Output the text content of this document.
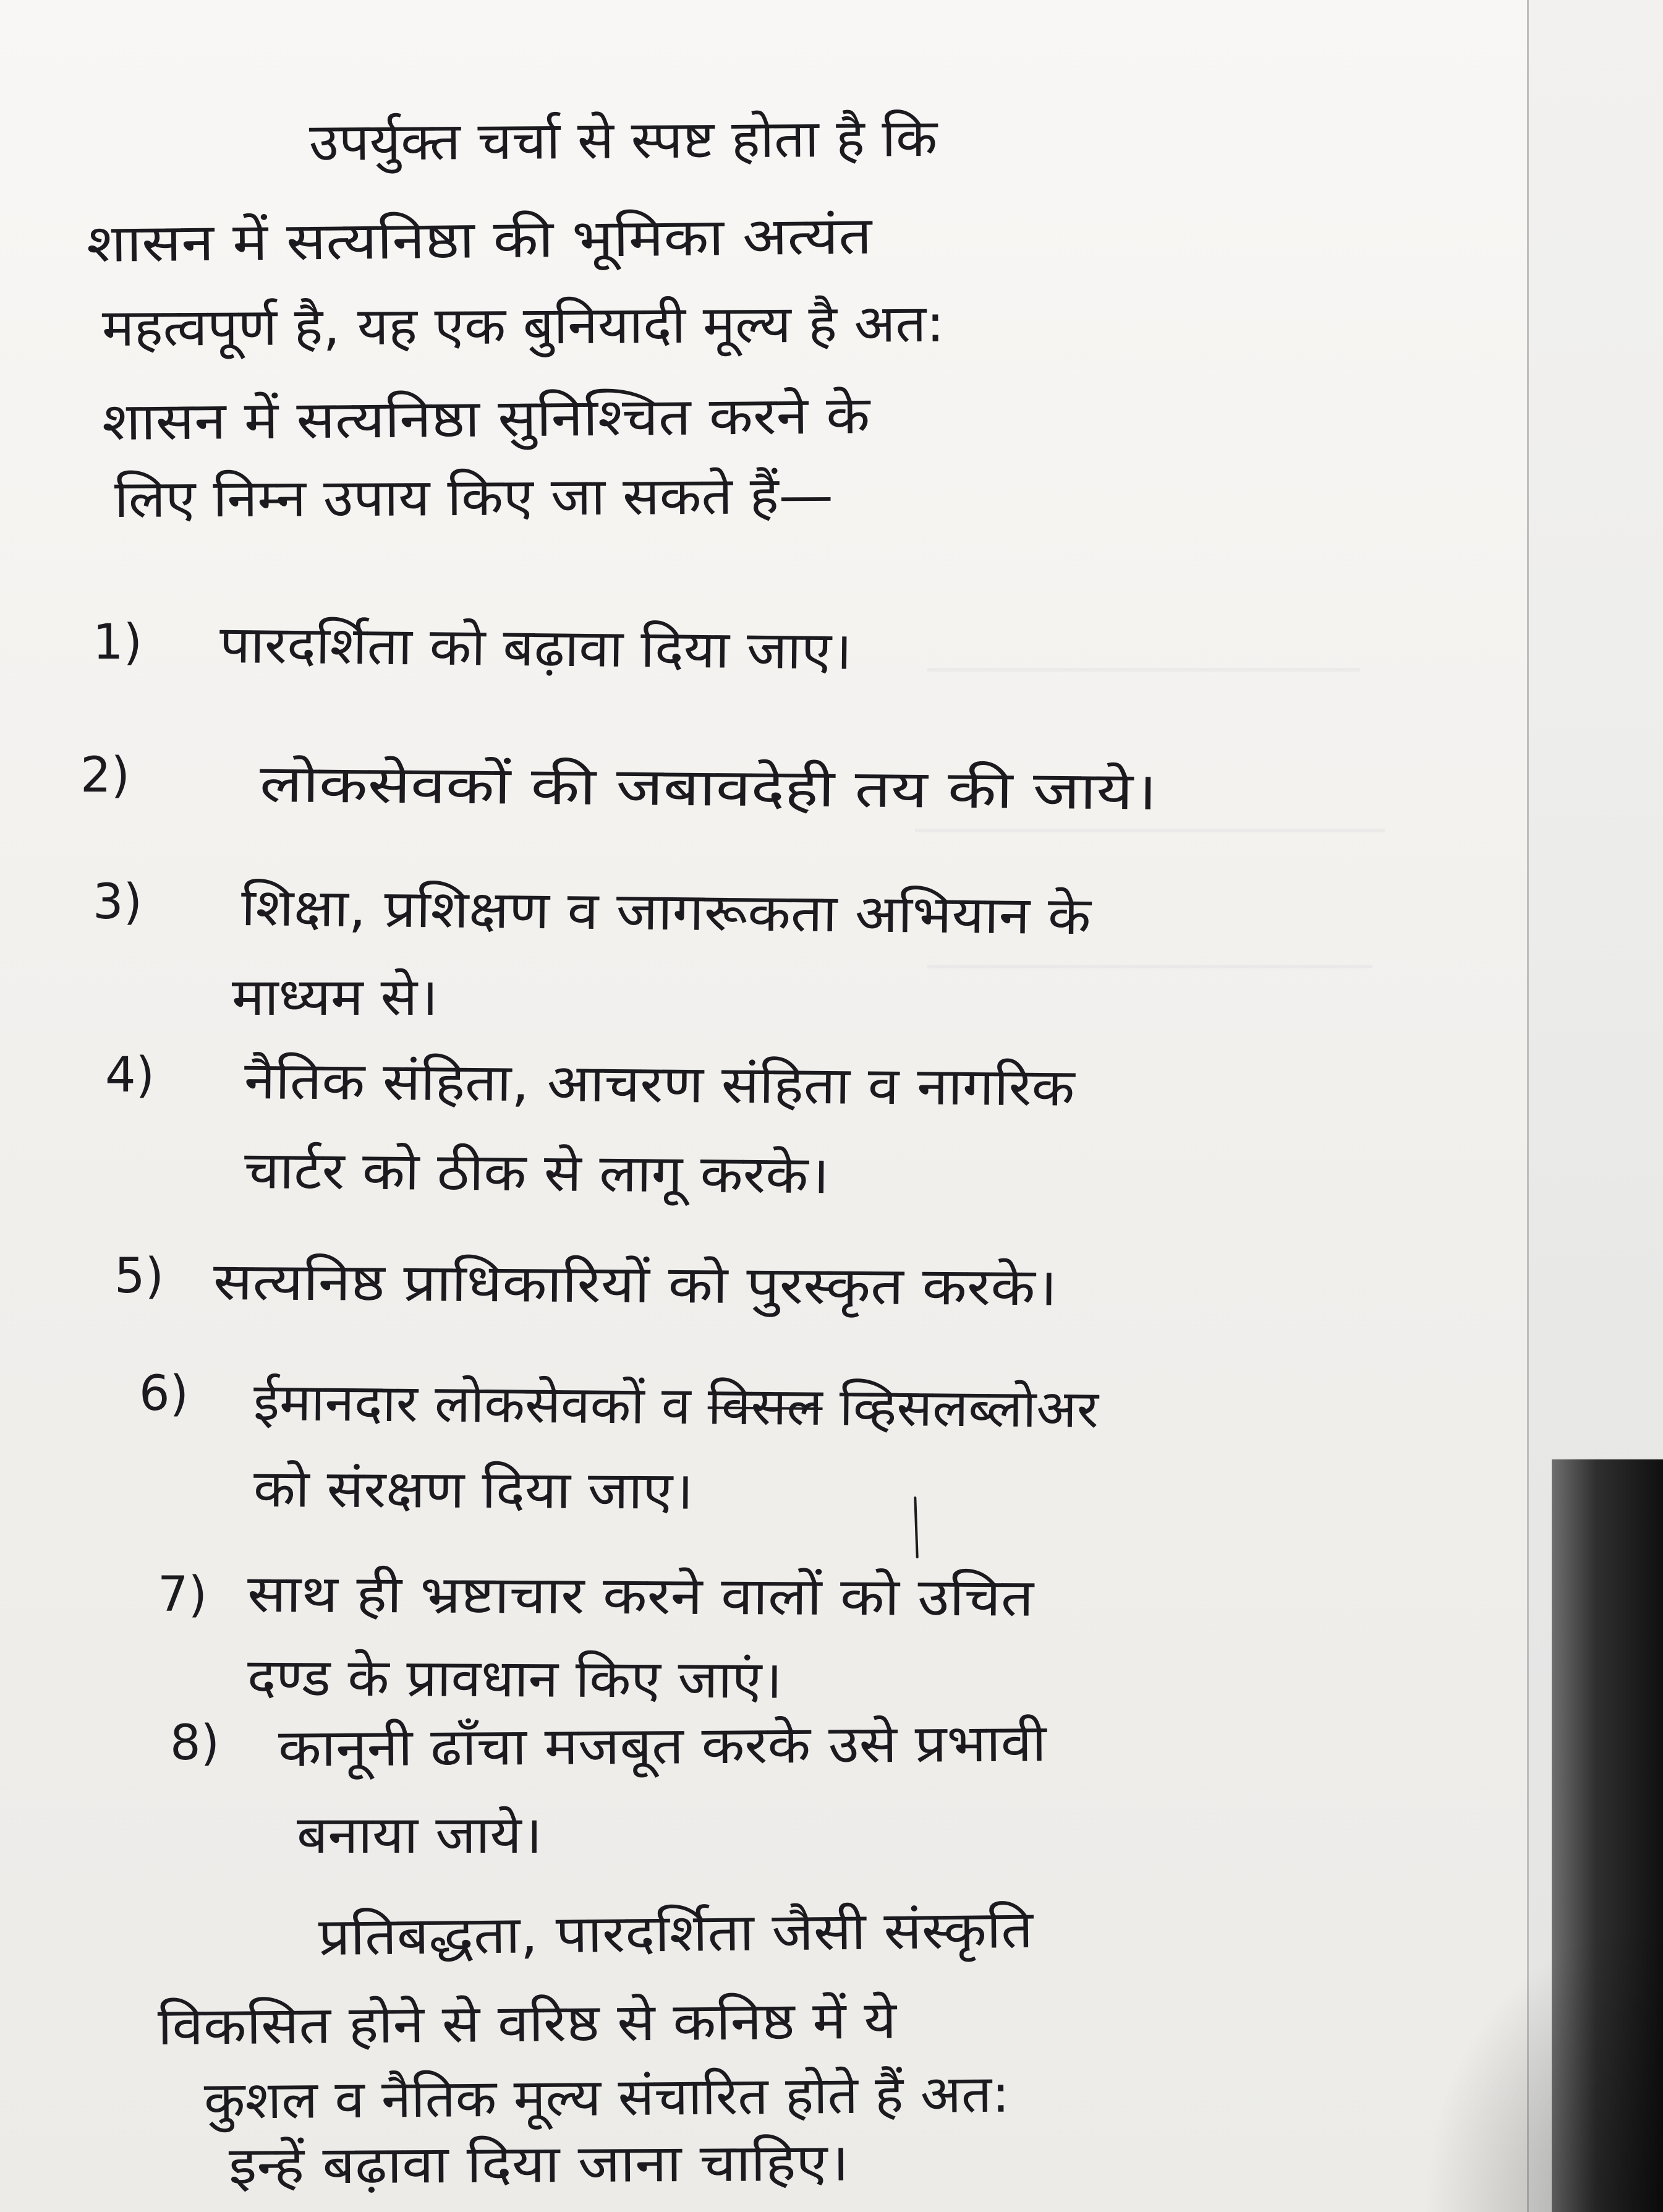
उपर्युक्त चर्चा से स्पष्ट होता है कि
शासन में सत्यनिष्ठा की भूमिका अत्यंत
महत्वपूर्ण है, यह एक बुनियादी मूल्य है अत:
शासन में सत्यनिष्ठा सुनिश्चित करने के
लिए निम्न उपाय किए जा सकते हैं—
1) पारदर्शिता को बढ़ावा दिया जाए।
2) लोकसेवकों की जबावदेही तय की जाये।
3) शिक्षा, प्रशिक्षण व जागरूकता अभियान के
माध्यम से।
4) नैतिक संहिता, आचरण संहिता व नागरिक
चार्टर को ठीक से लागू करके।
5) सत्यनिष्ठ प्राधिकारियों को पुरस्कृत करके।
6) ईमानदार लोकसेवकों व विसल व्हिसलब्लोअर
को संरक्षण दिया जाए।
7) साथ ही भ्रष्टाचार करने वालों को उचित
दण्ड के प्रावधान किए जाएं।
8) कानूनी ढाँचा मजबूत करके उसे प्रभावी
बनाया जाये।
प्रतिबद्धता, पारदर्शिता जैसी संस्कृति
विकसित होने से वरिष्ठ से कनिष्ठ में ये
कुशल व नैतिक मूल्य संचारित होते हैं अत:
इन्हें बढ़ावा दिया जाना चाहिए।
